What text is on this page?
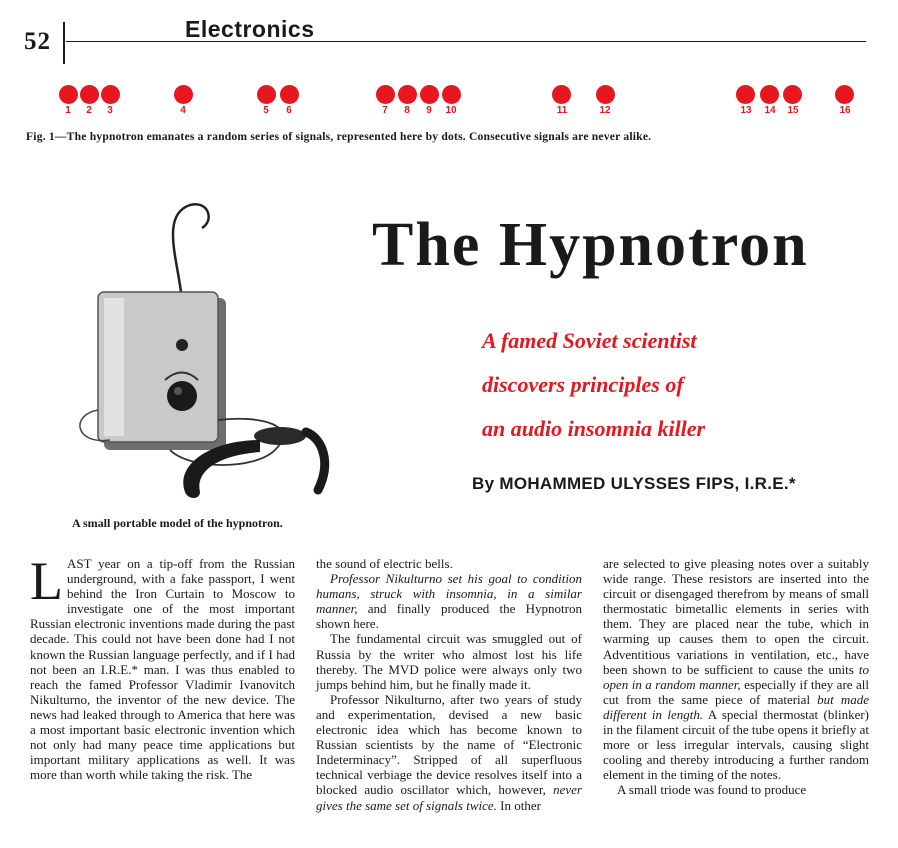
52	Electronics
1	2	3	4	5	6	7	8	9	10	11	12	13	14	15	16
Fig. 1—The hypnotron emanates a random series of signals, represented here by dots. Consecutive signals are never alike.
A small portable model of the hypnotron.
The Hypnotron
A famed Soviet scientist
discovers principles of
an audio insomnia killer
By MOHAMMED ULYSSES FIPS, I.R.E.*

LAST year on a tip-off from the Russian underground, with a fake passport, I went behind the Iron Curtain to Moscow to investigate one of the most important Russian electronic inventions made during the past decade. This could not have been done had I not known the Russian language perfectly, and if I had not been an I.R.E.* man. I was thus enabled to reach the famed Professor Vladimir Ivanovitch Nikulturno, the inventor of the new device. The news had leaked through to America that here was a most important basic electronic invention which not only had many peace time applications but important military applications as well. It was more than worth while taking the risk. The

the sound of electric bells.

Professor Nikulturno set his goal to condition humans, struck with insomnia, in a similar manner, and finally produced the Hypnotron shown here.

The fundamental circuit was smuggled out of Russia by the writer who almost lost his life thereby. The MVD police were always only two jumps behind him, but he finally made it.

Professor Nikulturno, after two years of study and experimentation, devised a new basic electronic idea which has become known to Russian scientists by the name of “Electronic Indeterminacy”. Stripped of all superfluous technical verbiage the device resolves itself into a blocked audio oscillator which, however, never gives the same set of signals twice. In other

are selected to give pleasing notes over a suitably wide range. These resistors are inserted into the circuit or disengaged therefrom by means of small thermostatic bimetallic elements in series with them. They are placed near the tube, which in warming up causes them to open the circuit. Adventitious variations in ventilation, etc., have been shown to be sufficient to cause the units to open in a random manner, especially if they are all cut from the same piece of material but made different in length. A special thermostat (blinker) in the filament circuit of the tube opens it briefly at more or less irregular intervals, causing slight cooling and thereby introducing a further random element in the timing of the notes.

A small triode was found to produce
